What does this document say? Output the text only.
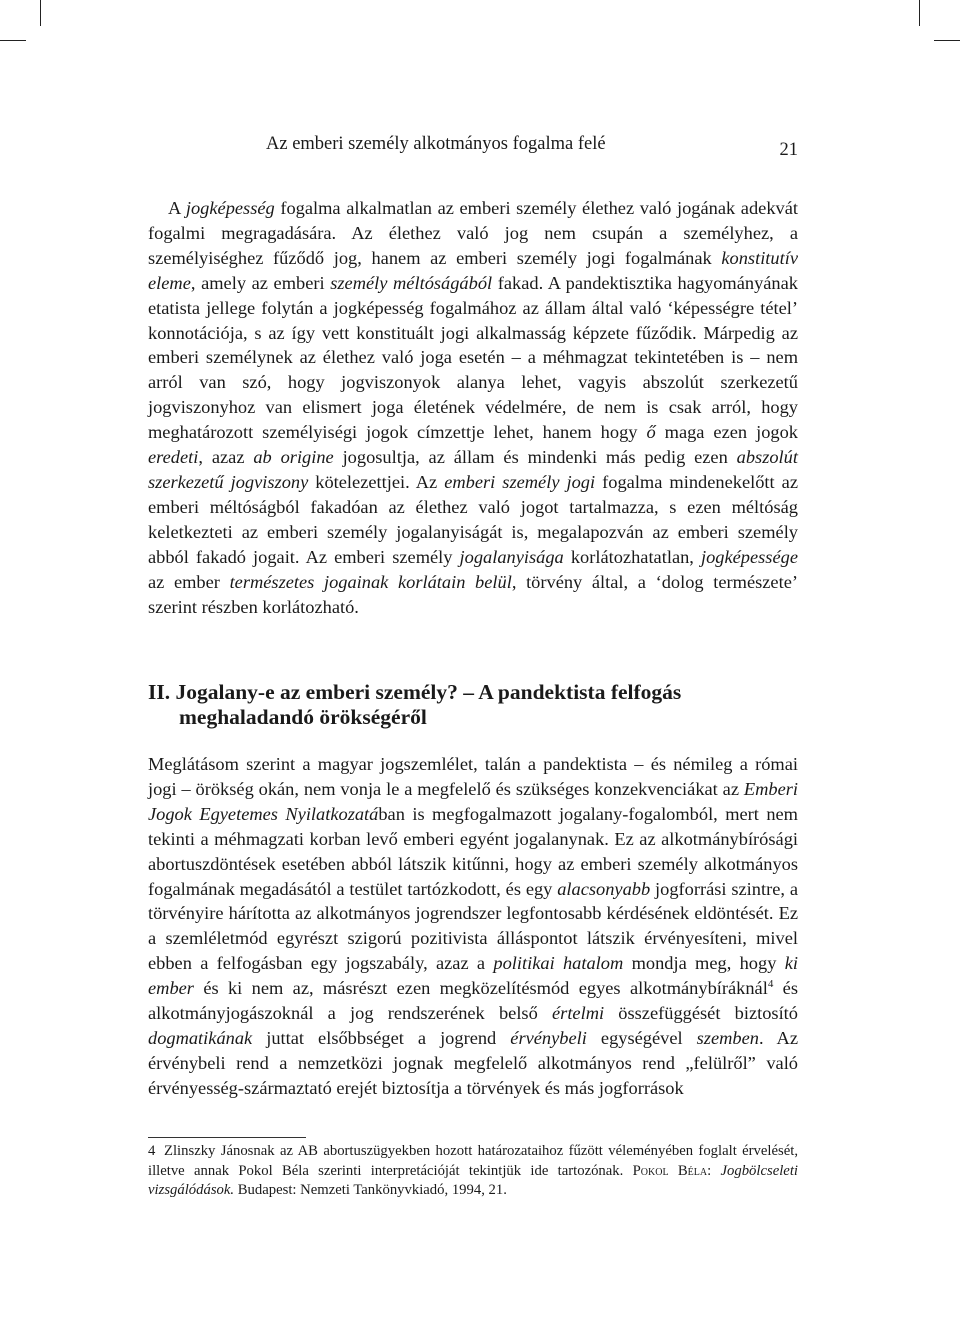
Az emberi személy alkotmányos fogalma felé	21

A jogképesség fogalma alkalmatlan az emberi személy élethez való jogának adekvát fogalmi megragadására. Az élethez való jog nem csupán a személyhez, a személyiséghez fűződő jog, hanem az emberi személy jogi fogalmának konstitutív eleme, amely az emberi személy méltóságából fakad. A pandektisztika hagyományának etatista jellege folytán a jogképesség fogalmához az állam által való ‘képességre tétel’ konnotációja, s az így vett konstituált jogi alkalmasság képzete fűződik. Márpedig az emberi személynek az élethez való joga esetén – a méhmagzat tekintetében is – nem arról van szó, hogy jogviszonyok alanya lehet, vagyis abszolút szerkezetű jogviszonyhoz van elismert joga életének védelmére, de nem is csak arról, hogy meghatározott személyiségi jogok címzettje lehet, hanem hogy ő maga ezen jogok eredeti, azaz ab origine jogosultja, az állam és mindenki más pedig ezen abszolút szerkezetű jogviszony kötelezettjei. Az emberi személy jogi fogalma mindenekelőtt az emberi méltóságból fakadóan az élethez való jogot tartalmazza, s ezen méltóság keletkezteti az emberi személy jogalanyiságát is, megalapozván az emberi személy abból fakadó jogait. Az emberi személy jogalanyisága korlátozhatatlan, jogképessége az ember természetes jogainak korlátain belül, törvény által, a ‘dolog természete’ szerint részben korlátozható.

II. Jogalany-e az emberi személy? – A pandektista felfogás
meghaladandó örökségéről

Meglátásom szerint a magyar jogszemlélet, talán a pandektista – és némileg a római jogi – örökség okán, nem vonja le a megfelelő és szükséges konzekvenciákat az Emberi Jogok Egyetemes Nyilatkozatában is megfogalmazott jogalany-fogalomból, mert nem tekinti a méhmagzati korban levő emberi egyént jogalanynak. Ez az alkotmánybírósági abortuszdöntések esetében abból látszik kitűnni, hogy az emberi személy alkotmányos fogalmának megadásától a testület tartózkodott, és egy alacsonyabb jogforrási szintre, a törvényire hárította az alkotmányos jogrendszer legfontosabb kérdésének eldöntését. Ez a szemléletmód egyrészt szigorú pozitivista álláspontot látszik érvényesíteni, mivel ebben a felfogásban egy jogszabály, azaz a politikai hatalom mondja meg, hogy ki ember és ki nem az, másrészt ezen megközelítésmód egyes alkotmánybíráknál$^4$ és alkotmányjogászoknál a jog rendszerének belső értelmi összefüggését biztosító dogmatikának juttat elsőbbséget a jogrend érvénybeli egységével szemben. Az érvénybeli rend a nemzetközi jognak megfelelő alkotmányos rend „felülről” való érvényesség-származtató erejét biztosítja a törvények és más jogforrások

4 Zlinszky Jánosnak az AB abortuszügyekben hozott határozataihoz fűzött véleményében foglalt érvelését, illetve annak Pokol Béla szerinti interpretációját tekintjük ide tartozónak. Pokol Béla: Jogbölcseleti vizsgálódások. Budapest: Nemzeti Tankönyvkiadó, 1994, 21.
